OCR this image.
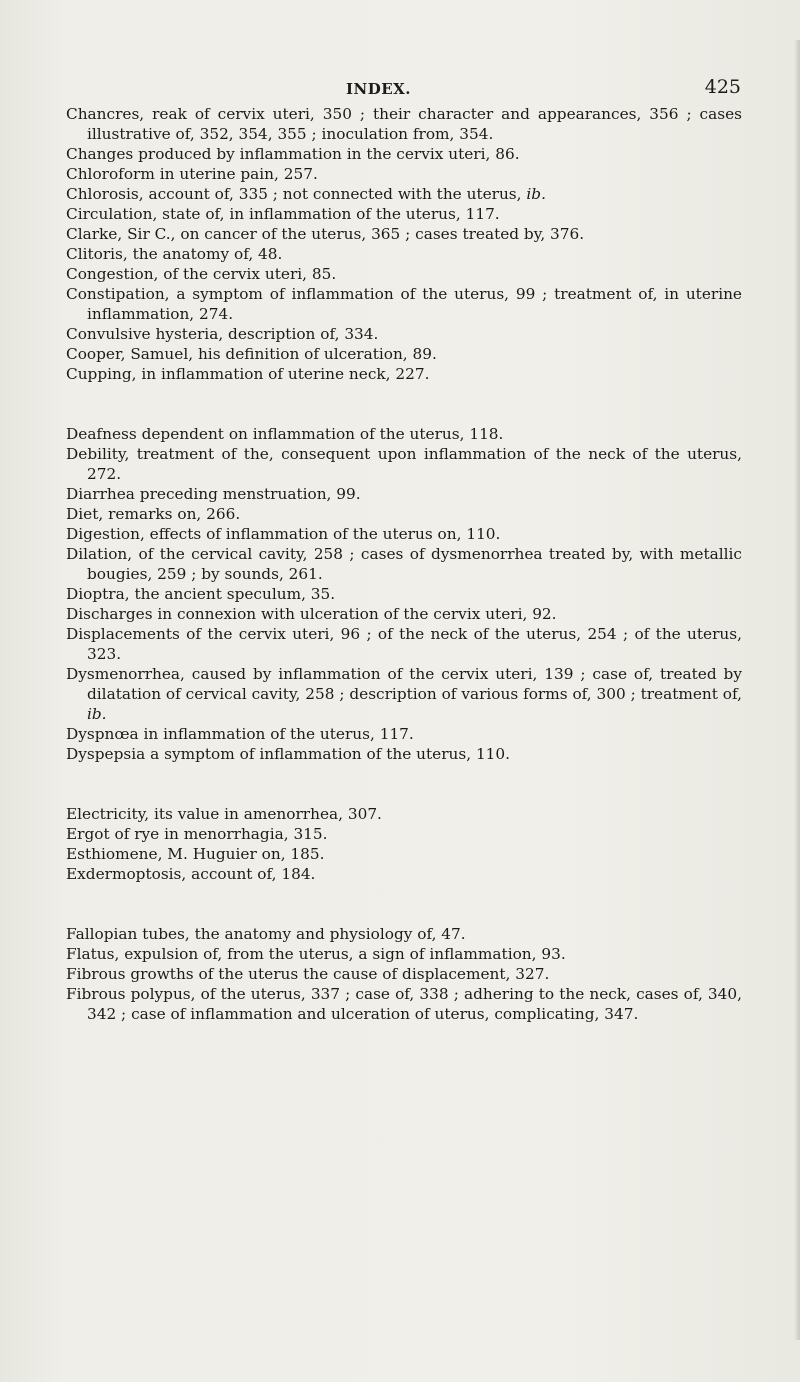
INDEX.	425

Chancres, reak of cervix uteri, 350 ; their character and appearances, 356 ; cases illustrative of, 352, 354, 355 ; inoculation from, 354.

Changes produced by inflammation in the cervix uteri, 86.

Chloroform in uterine pain, 257.

Chlorosis, account of, 335 ; not connected with the uterus, ib.

Circulation, state of, in inflammation of the uterus, 117.

Clarke, Sir C., on cancer of the uterus, 365 ; cases treated by, 376.

Clitoris, the anatomy of, 48.

Congestion, of the cervix uteri, 85.

Constipation, a symptom of inflammation of the uterus, 99 ; treatment of, in uterine inflammation, 274.

Convulsive hysteria, description of, 334.

Cooper, Samuel, his definition of ulceration, 89.

Cupping, in inflammation of uterine neck, 227.

Deafness dependent on inflammation of the uterus, 118.

Debility, treatment of the, consequent upon inflammation of the neck of the uterus, 272.

Diarrhea preceding menstruation, 99.

Diet, remarks on, 266.

Digestion, effects of inflammation of the uterus on, 110.

Dilation, of the cervical cavity, 258 ; cases of dysmenorrhea treated by, with metallic bougies, 259 ; by sounds, 261.

Dioptra, the ancient speculum, 35.

Discharges in connexion with ulceration of the cervix uteri, 92.

Displacements of the cervix uteri, 96 ; of the neck of the uterus, 254 ; of the uterus, 323.

Dysmenorrhea, caused by inflammation of the cervix uteri, 139 ; case of, treated by dilatation of cervical cavity, 258 ; description of various forms of, 300 ; treatment of, ib.

Dyspnœa in inflammation of the uterus, 117.

Dyspepsia a symptom of inflammation of the uterus, 110.

Electricity, its value in amenorrhea, 307.

Ergot of rye in menorrhagia, 315.

Esthiomene, M. Huguier on, 185.

Exdermoptosis, account of, 184.

Fallopian tubes, the anatomy and physiology of, 47.

Flatus, expulsion of, from the uterus, a sign of inflammation, 93.

Fibrous growths of the uterus the cause of displacement, 327.

Fibrous polypus, of the uterus, 337 ; case of, 338 ; adhering to the neck, cases of, 340, 342 ; case of inflammation and ulceration of uterus, complicating, 347.
